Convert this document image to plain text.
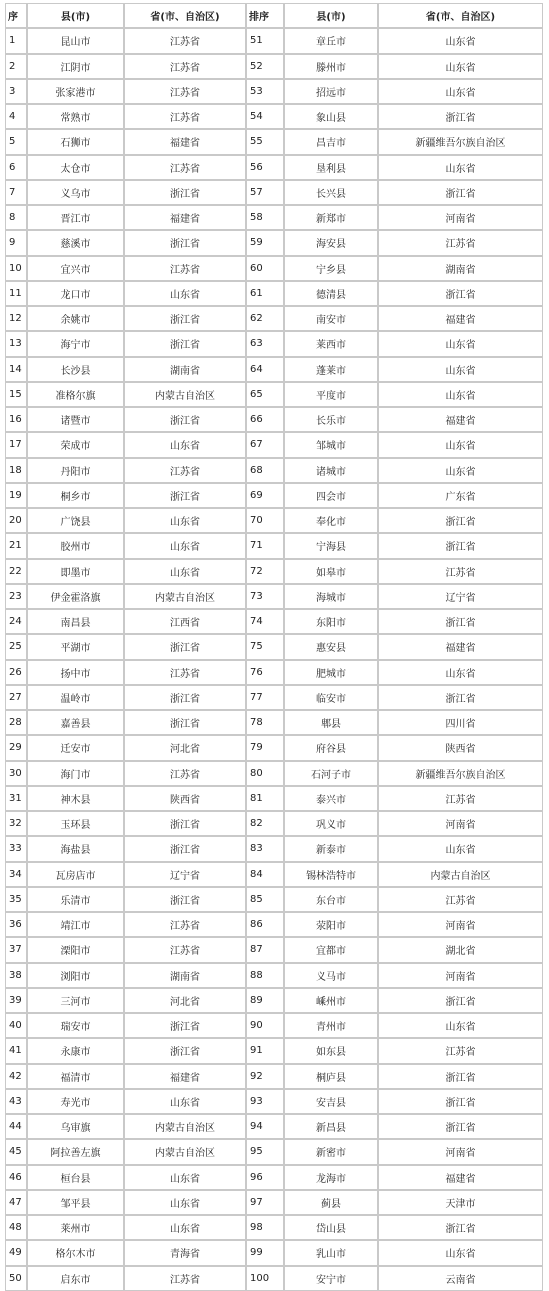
序	县(市)	省(市、自治区)	排序	县(市)	省(市、自治区)
1	昆山市	江苏省	51	章丘市	山东省
2	江阴市	江苏省	52	滕州市	山东省
3	张家港市	江苏省	53	招远市	山东省
4	常熟市	江苏省	54	象山县	浙江省
5	石狮市	福建省	55	昌吉市	新疆维吾尔族自治区
6	太仓市	江苏省	56	垦利县	山东省
7	义乌市	浙江省	57	长兴县	浙江省
8	晋江市	福建省	58	新郑市	河南省
9	慈溪市	浙江省	59	海安县	江苏省
10	宜兴市	江苏省	60	宁乡县	湖南省
11	龙口市	山东省	61	德清县	浙江省
12	余姚市	浙江省	62	南安市	福建省
13	海宁市	浙江省	63	莱西市	山东省
14	长沙县	湖南省	64	蓬莱市	山东省
15	准格尔旗	内蒙古自治区	65	平度市	山东省
16	诸暨市	浙江省	66	长乐市	福建省
17	荣成市	山东省	67	邹城市	山东省
18	丹阳市	江苏省	68	诸城市	山东省
19	桐乡市	浙江省	69	四会市	广东省
20	广饶县	山东省	70	奉化市	浙江省
21	胶州市	山东省	71	宁海县	浙江省
22	即墨市	山东省	72	如皋市	江苏省
23	伊金霍洛旗	内蒙古自治区	73	海城市	辽宁省
24	南昌县	江西省	74	东阳市	浙江省
25	平湖市	浙江省	75	惠安县	福建省
26	扬中市	江苏省	76	肥城市	山东省
27	温岭市	浙江省	77	临安市	浙江省
28	嘉善县	浙江省	78	郫县	四川省
29	迁安市	河北省	79	府谷县	陕西省
30	海门市	江苏省	80	石河子市	新疆维吾尔族自治区
31	神木县	陕西省	81	泰兴市	江苏省
32	玉环县	浙江省	82	巩义市	河南省
33	海盐县	浙江省	83	新泰市	山东省
34	瓦房店市	辽宁省	84	锡林浩特市	内蒙古自治区
35	乐清市	浙江省	85	东台市	江苏省
36	靖江市	江苏省	86	荥阳市	河南省
37	溧阳市	江苏省	87	宜都市	湖北省
38	浏阳市	湖南省	88	义马市	河南省
39	三河市	河北省	89	嵊州市	浙江省
40	瑞安市	浙江省	90	青州市	山东省
41	永康市	浙江省	91	如东县	江苏省
42	福清市	福建省	92	桐庐县	浙江省
43	寿光市	山东省	93	安吉县	浙江省
44	乌审旗	内蒙古自治区	94	新昌县	浙江省
45	阿拉善左旗	内蒙古自治区	95	新密市	河南省
46	桓台县	山东省	96	龙海市	福建省
47	邹平县	山东省	97	蓟县	天津市
48	莱州市	山东省	98	岱山县	浙江省
49	格尔木市	青海省	99	乳山市	山东省
50	启东市	江苏省	100	安宁市	云南省
